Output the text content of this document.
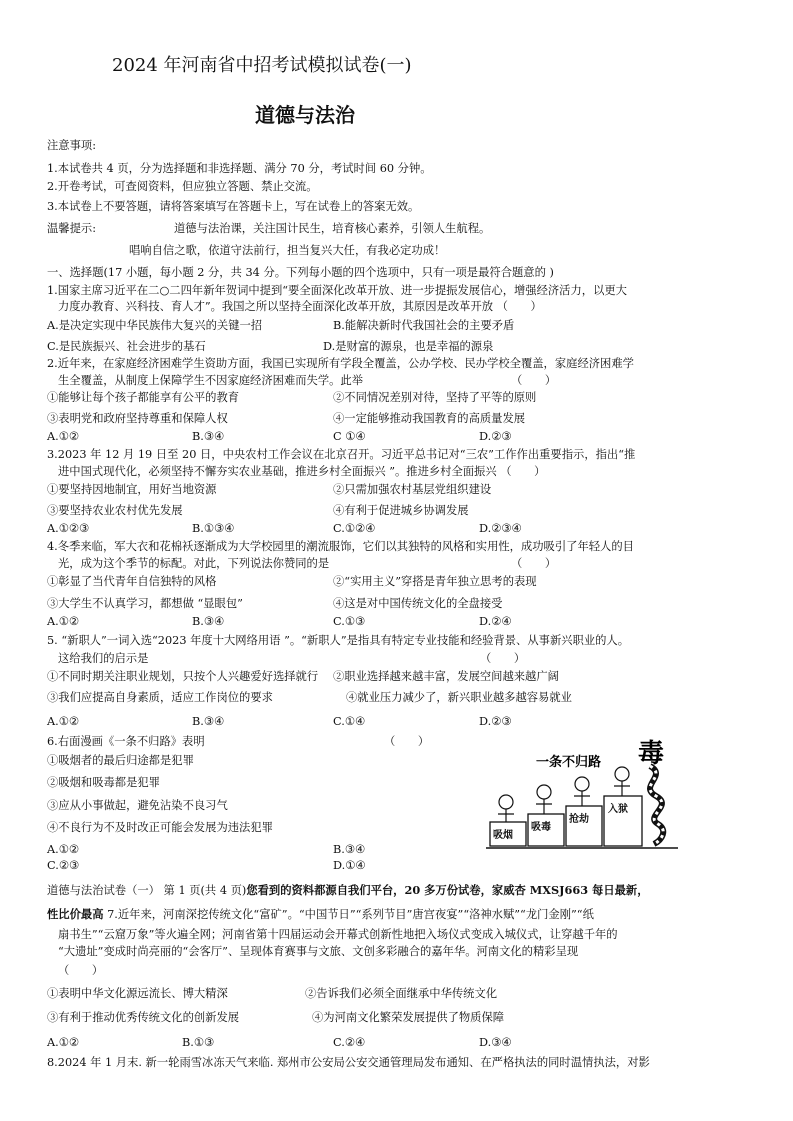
2024 年河南省中招考试模拟试卷(一)
道德与法治
注意事项:
1.本试卷共 4 页，分为选择题和非选择题、满分 70 分，考试时间 60 分钟。
2.开卷考试，可查阅资料，但应独立答题、禁止交流。
3.本试卷上不要答题，请将答案填写在答题卡上，写在试卷上的答案无效。
温馨提示:	道德与法治课，关注国计民生，培育核心素养，引领人生航程。
唱响自信之歌，依道守法前行，担当复兴大任，有我必定功成！
一、选择题(17 小题，每小题 2 分，共 34 分。下列每小题的四个选项中，只有一项是最符合题意的 )
1.国家主席习近平在二○二四年新年贺词中提到“要全面深化改革开放、进一步提振发展信心，增强经济活力，以更大
力度办教育、兴科技、育人才”。我国之所以坚持全面深化改革开放，其原因是改革开放 （　　）
A.是决定实现中华民族伟大复兴的关键一招	B.能解决新时代我国社会的主要矛盾
C.是民族振兴、社会进步的基石	D.是财富的源泉，也是幸福的源泉
2.近年来，在家庭经济困难学生资助方面，我国已实现所有学段全覆盖，公办学校、民办学校全覆盖，家庭经济困难学
生全覆盖，从制度上保障学生不因家庭经济困难而失学。此举	（　　）
①能够让每个孩子都能享有公平的教育	②不同情况差别对待，坚持了平等的原则
③表明党和政府坚持尊重和保障人权	④一定能够推动我国教育的高质量发展
A.①②	B.③④	C ①④	D.②③
3.2023 年 12 月 19 日至 20 日，中央农村工作会议在北京召开。习近平总书记对“三农”工作作出重要指示，指出“推
进中国式现代化，必须坚持不懈夯实农业基础，推进乡村全面振兴 ”。推进乡村全面振兴 （　　）
①要坚持因地制宜，用好当地资源	②只需加强农村基层党组织建设
③要坚持农业农村优先发展	④有利于促进城乡协调发展
A.①②③	B.①③④	C.①②④	D.②③④
4.冬季来临，军大衣和花棉袄逐渐成为大学校园里的潮流服饰，它们以其独特的风格和实用性，成功吸引了年轻人的目
光，成为这个季节的标配。对此，下列说法你赞同的是	（　　）
①彰显了当代青年自信独特的风格	②“实用主义”穿搭是青年独立思考的表现
③大学生不认真学习，都想做 “显眼包”	④这是对中国传统文化的全盘接受
A.①②	B.③④	C.①③	D.②④
5. “新职人”一词入选“2023 年度十大网络用语 ”。“新职人”是指具有特定专业技能和经验背景、从事新兴职业的人。
这给我们的启示是	（　　）
①不同时期关注职业规划，只按个人兴趣爱好选择就行 ②职业选择越来越丰富，发展空间越来越广阔
③我们应提高自身素质，适应工作岗位的要求	④就业压力减少了，新兴职业越多越容易就业
A.①②	B.③④	C.①④	D.②③
6.右面漫画《一条不归路》表明	（　　）
①吸烟者的最后归途都是犯罪
②吸烟和吸毒都是犯罪
③应从小事做起，避免沾染不良习气
④不良行为不及时改正可能会发展为违法犯罪
A.①②	B.③④
C.②③	D.①④
一条不归路 毒
吸烟
吸毒
抢劫
入狱
道德与法治试卷（一） 第 1 页(共 4 页)您看到的资料都源自我们平台，20 多万份试卷，家威杏 MXSJ663 每日最新，
性比价最高 7.近年来，河南深挖传统文化“富矿”。“中国节日”“系列节目”唐宫夜宴”“洛神水赋”“龙门金刚”“纸
扇书生”“云窟万象”等火遍全网；河南省第十四届运动会开幕式创新性地把入场仪式变成入城仪式，让穿越千年的
“大遗址”变成时尚亮丽的“会客厅”、呈现体育赛事与文旅、文创多彩融合的嘉年华。河南文化的精彩呈现
（　　）
①表明中华文化源远流长、博大精深	②告诉我们必须全面继承中华传统文化
③有利于推动优秀传统文化的创新发展	④为河南文化繁荣发展提供了物质保障
A.①②	B.①③	C.②④	D.③④
8.2024 年 1 月末. 新一轮雨雪冰冻天气来临. 郑州市公安局公安交通管理局发布通知、在严格执法的同时温情执法，对影
